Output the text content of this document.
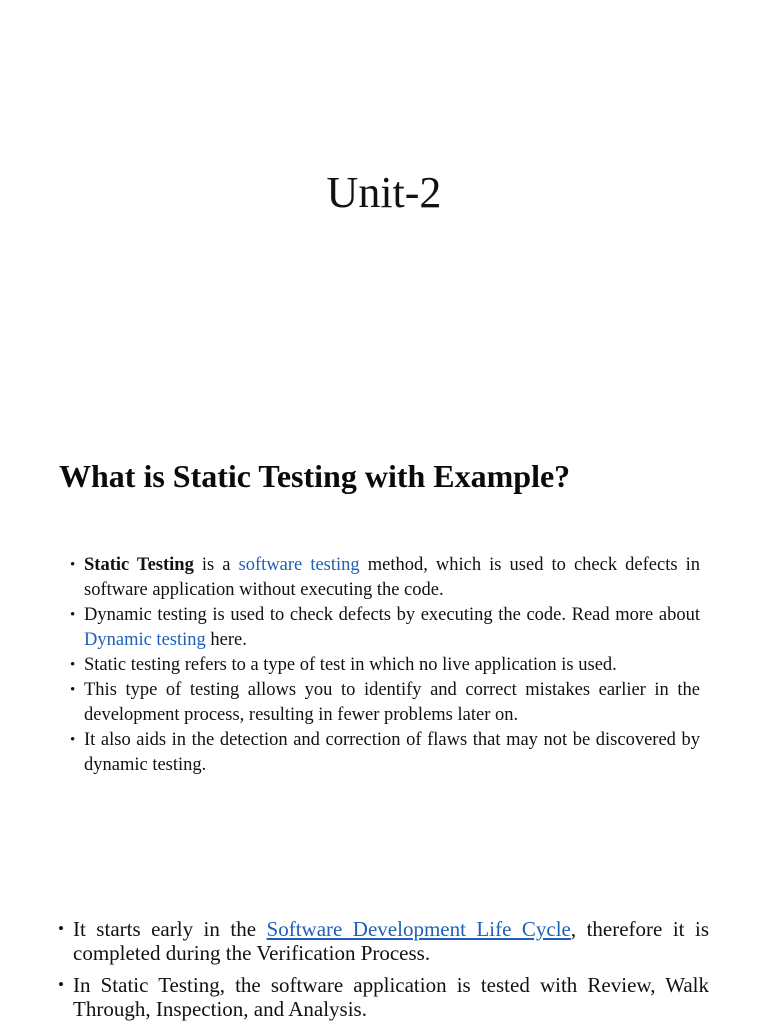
Unit-2
What is Static Testing with Example?
• Static Testing is a software testing method, which is used to check defects in software application without executing the code.
• Dynamic testing is used to check defects by executing the code. Read more about Dynamic testing here.
• Static testing refers to a type of test in which no live application is used.
• This type of testing allows you to identify and correct mistakes earlier in the development process, resulting in fewer problems later on.
• It also aids in the detection and correction of flaws that may not be discovered by dynamic testing.
• It starts early in the Software Development Life Cycle, therefore it is completed during the Verification Process.
• In Static Testing, the software application is tested with Review, Walk Through, Inspection, and Analysis.
